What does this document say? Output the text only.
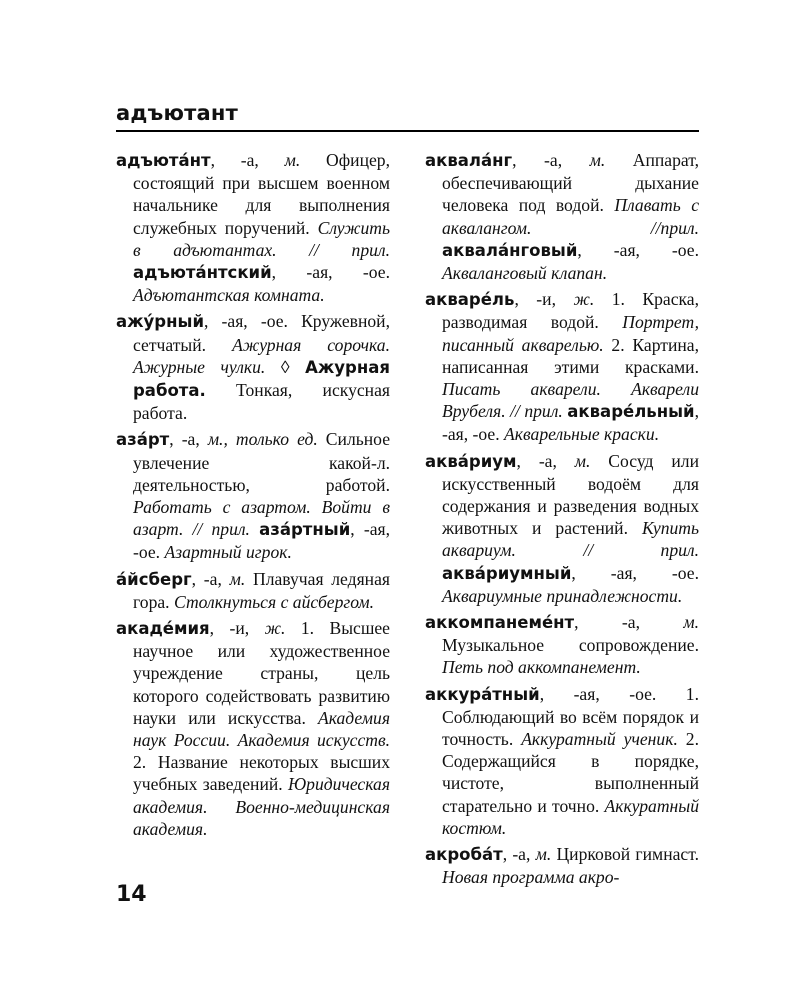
адъютант

адъюта́нт, -а, м. Офицер, состоящий при высшем военном начальнике для выполнения служебных поручений. Служить в адъютантах. // прил. адъюта́нтский, -ая, -ое. Адъютантская комната.

ажу́рный, -ая, -ое. Кружевной, сетчатый. Ажурная сорочка. Ажурные чулки. ◊ Ажурная работа. Тонкая, искусная работа.

аза́рт, -а, м., только ед. Сильное увлечение какой-л. деятельностью, работой. Работать с азартом. Войти в азарт. // прил. аза́ртный, -ая, -ое. Азартный игрок.

а́йсберг, -а, м. Плавучая ледяная гора. Столкнуться с айсбергом.

акаде́мия, -и, ж. 1. Высшее научное или художественное учреждение страны, цель которого содействовать развитию науки или искусства. Академия наук России. Академия искусств. 2. Название некоторых высших учебных заведений. Юридическая академия. Военно-медицинская академия.

аквала́нг, -а, м. Аппарат, обеспечивающий дыхание человека под водой. Плавать с аквалангом. //прил. аквала́нговый, -ая, -ое. Акваланговый клапан.

акваре́ль, -и, ж. 1. Краска, разводимая водой. Портрет, писанный акварелью. 2. Картина, написанная этими красками. Писать акварели. Акварели Врубеля. // прил. акваре́льный, -ая, -ое. Акварельные краски.

аква́риум, -а, м. Сосуд или искусственный водоём для содержания и разведения водных животных и растений. Купить аквариум. // прил. аква́риумный, -ая, -ое. Аквариумные принадлежности.

аккомпанеме́нт, -а, м. Музыкальное сопровождение. Петь под аккомпанемент.

аккура́тный, -ая, -ое. 1. Соблюдающий во всём порядок и точность. Аккуратный ученик. 2. Содержащийся в порядке, чистоте, выполненный старательно и точно. Аккуратный костюм.

акроба́т, -а, м. Цирковой гимнаст. Новая программа акро-

14
